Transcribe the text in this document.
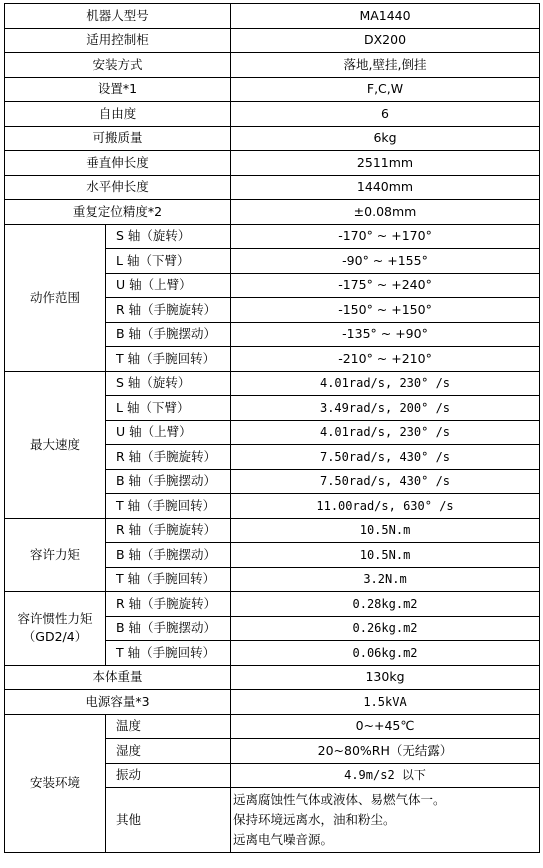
机器人型号		MA1440
适用控制柜		DX200
安装方式		落地,壁挂,倒挂
设置*1		F,C,W
自由度		6
可搬质量		6kg
垂直伸长度		2511mm
水平伸长度		1440mm
重复定位精度*2		±0.08mm
动作范围	S 轴（旋转）	-170° ~ +170°
	L 轴（下臂）	-90° ~ +155°
	U 轴（上臂）	-175° ~ +240°
	R 轴（手腕旋转）	-150° ~ +150°
	B 轴（手腕摆动）	-135° ~ +90°
	T 轴（手腕回转）	-210° ~ +210°
最大速度	S 轴（旋转）	4.01rad/s, 230° /s
	L 轴（下臂）	3.49rad/s, 200° /s
	U 轴（上臂）	4.01rad/s, 230° /s
	R 轴（手腕旋转）	7.50rad/s, 430° /s
	B 轴（手腕摆动）	7.50rad/s, 430° /s
	T 轴（手腕回转）	11.00rad/s, 630° /s
容许力矩	R 轴（手腕旋转）	10.5N.m
	B 轴（手腕摆动）	10.5N.m
	T 轴（手腕回转）	3.2N.m

容许惯性力矩
（GD2/4）	R 轴（手腕旋转）	0.28kg.m2
	B 轴（手腕摆动）	0.26kg.m2
	T 轴（手腕回转）	0.06kg.m2
本体重量		130kg
电源容量*3		1.5kVA
安装环境	温度	0~+45℃
	湿度	20~80%RH（无结露）
	振动	4.9m/s2 以下
	其他	远离腐蚀性气体或液体、易燃气体一。
保持环境远离水，油和粉尘。
远离电气噪音源。
